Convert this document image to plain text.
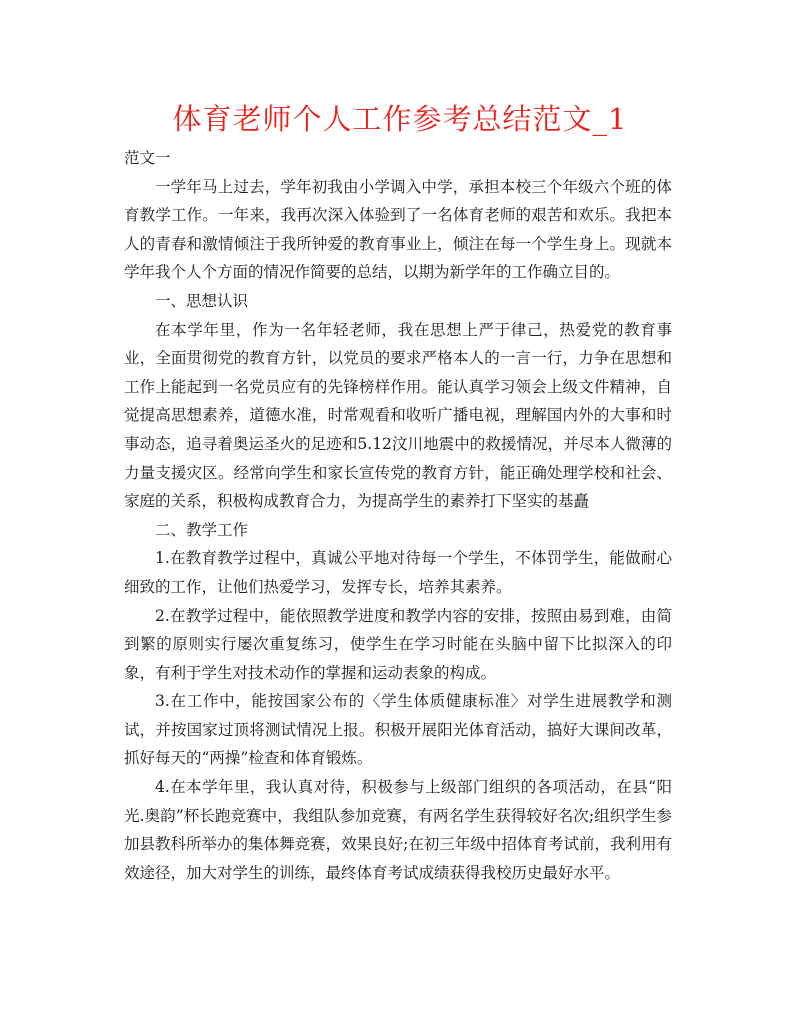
体育老师个人工作参考总结范文_1

范文一

一学年马上过去，学年初我由小学调入中学，承担本校三个年级六个班的体育教学工作。一年来，我再次深入体验到了一名体育老师的艰苦和欢乐。我把本人的青春和激情倾注于我所钟爱的教育事业上，倾注在每一个学生身上。现就本学年我个人个方面的情况作简要的总结，以期为新学年的工作确立目的。

一、思想认识

在本学年里，作为一名年轻老师，我在思想上严于律己，热爱党的教育事业，全面贯彻党的教育方针，以党员的要求严格本人的一言一行，力争在思想和工作上能起到一名党员应有的先锋榜样作用。能认真学习领会上级文件精神，自觉提高思想素养，道德水准，时常观看和收听广播电视，理解国内外的大事和时事动态，追寻着奥运圣火的足迹和5.12汶川地震中的救援情况，并尽本人微薄的力量支援灾区。经常向学生和家长宣传党的教育方针，能正确处理学校和社会、家庭的关系，积极构成教育合力，为提高学生的素养打下坚实的基矗

二、教学工作

1.在教育教学过程中，真诚公平地对待每一个学生，不体罚学生，能做耐心细致的工作，让他们热爱学习，发挥专长，培养其素养。

2.在教学过程中，能依照教学进度和教学内容的安排，按照由易到难，由简到繁的原则实行屡次重复练习，使学生在学习时能在头脑中留下比拟深入的印象，有利于学生对技术动作的掌握和运动表象的构成。

3.在工作中，能按国家公布的〈学生体质健康标准〉对学生进展教学和测试，并按国家过顶将测试情况上报。积极开展阳光体育活动，搞好大课间改革，抓好每天的“两操”检查和体育锻炼。

4.在本学年里，我认真对待，积极参与上级部门组织的各项活动，在县“阳光.奥韵”杯长跑竞赛中，我组队参加竞赛，有两名学生获得较好名次;组织学生参加县教科所举办的集体舞竞赛，效果良好;在初三年级中招体育考试前，我利用有效途径，加大对学生的训练，最终体育考试成绩获得我校历史最好水平。
